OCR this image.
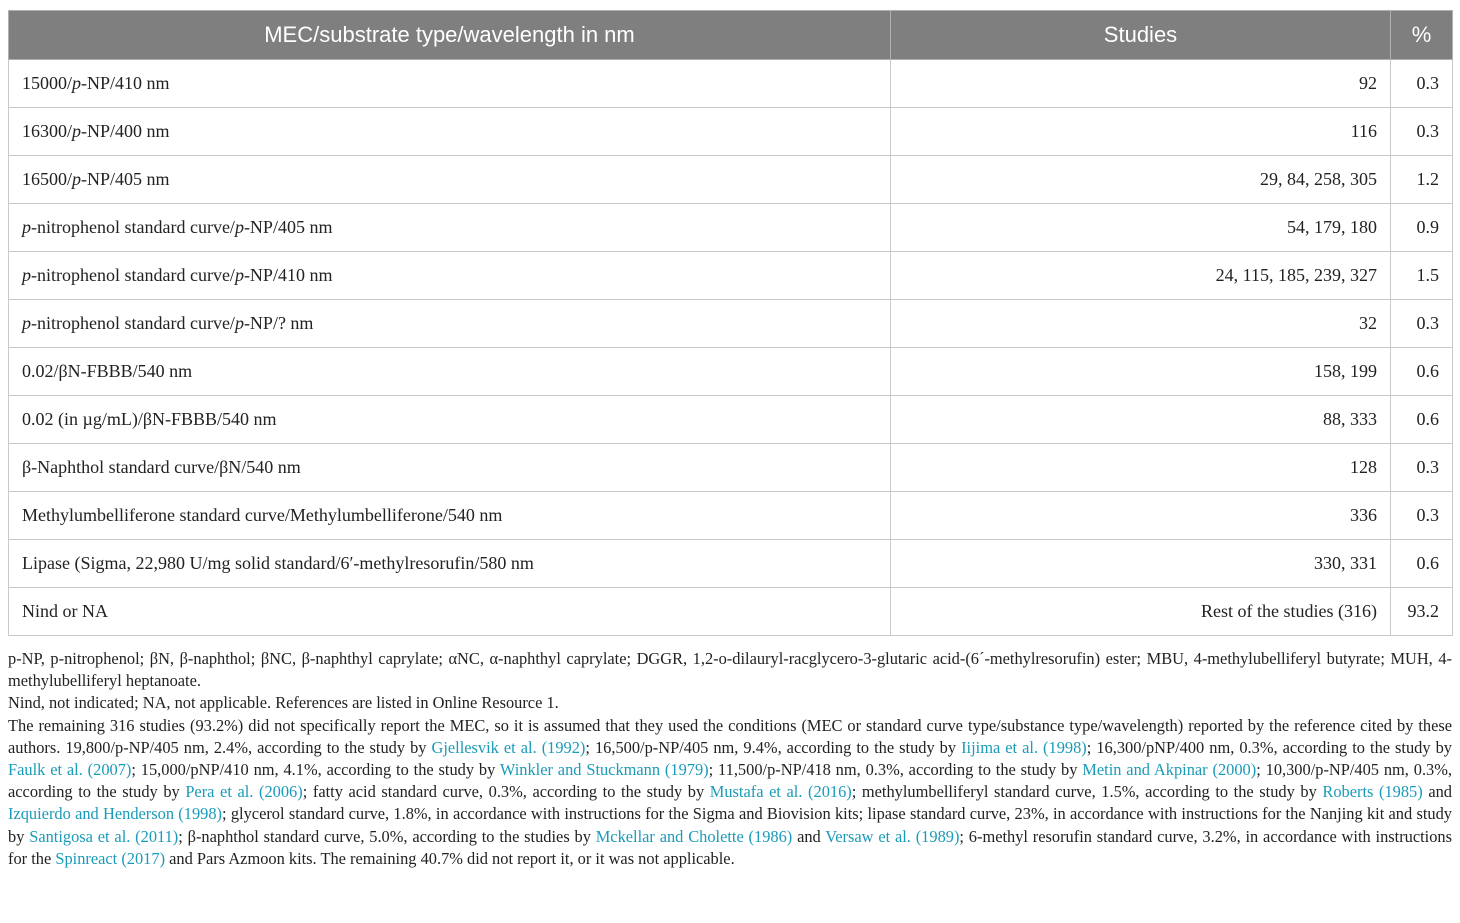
MEC/substrate type/wavelength in nm	Studies	%
15000/p-NP/410 nm	92	0.3
16300/p-NP/400 nm	116	0.3
16500/p-NP/405 nm	29, 84, 258, 305	1.2
p-nitrophenol standard curve/p-NP/405 nm	54, 179, 180	0.9
p-nitrophenol standard curve/p-NP/410 nm	24, 115, 185, 239, 327	1.5
p-nitrophenol standard curve/p-NP/? nm	32	0.3
0.02/βN-FBBB/540 nm	158, 199	0.6
0.02 (in µg/mL)/βN-FBBB/540 nm	88, 333	0.6
β-Naphthol standard curve/βN/540 nm	128	0.3
Methylumbelliferone standard curve/Methylumbelliferone/540 nm	336	0.3
Lipase (Sigma, 22,980 U/mg solid standard/6′-methylresorufin/580 nm	330, 331	0.6
Nind or NA	Rest of the studies (316)	93.2

p-NP, p-nitrophenol; βN, β-naphthol; βNC, β-naphthyl caprylate; αNC, α-naphthyl caprylate; DGGR, 1,2-o-dilauryl-racglycero-3-glutaric acid-(6´-methylresorufin) ester; MBU, 4-methylubelliferyl butyrate; MUH, 4-methylubelliferyl heptanoate.

Nind, not indicated; NA, not applicable. References are listed in Online Resource 1.

The remaining 316 studies (93.2%) did not specifically report the MEC, so it is assumed that they used the conditions (MEC or standard curve type/substance type/wavelength) reported by the reference cited by these authors. 19,800/p-NP/405 nm, 2.4%, according to the study by Gjellesvik et al. (1992); 16,500/p-NP/405 nm, 9.4%, according to the study by Iijima et al. (1998); 16,300/pNP/400 nm, 0.3%, according to the study by Faulk et al. (2007); 15,000/pNP/410 nm, 4.1%, according to the study by Winkler and Stuckmann (1979); 11,500/p-NP/418 nm, 0.3%, according to the study by Metin and Akpinar (2000); 10,300/p-NP/405 nm, 0.3%, according to the study by Pera et al. (2006); fatty acid standard curve, 0.3%, according to the study by Mustafa et al. (2016); methylumbelliferyl standard curve, 1.5%, according to the study by Roberts (1985) and Izquierdo and Henderson (1998); glycerol standard curve, 1.8%, in accordance with instructions for the Sigma and Biovision kits; lipase standard curve, 23%, in accordance with instructions for the Nanjing kit and study by Santigosa et al. (2011); β-naphthol standard curve, 5.0%, according to the studies by Mckellar and Cholette (1986) and Versaw et al. (1989); 6-methyl resorufin standard curve, 3.2%, in accordance with instructions for the Spinreact (2017) and Pars Azmoon kits. The remaining 40.7% did not report it, or it was not applicable.
